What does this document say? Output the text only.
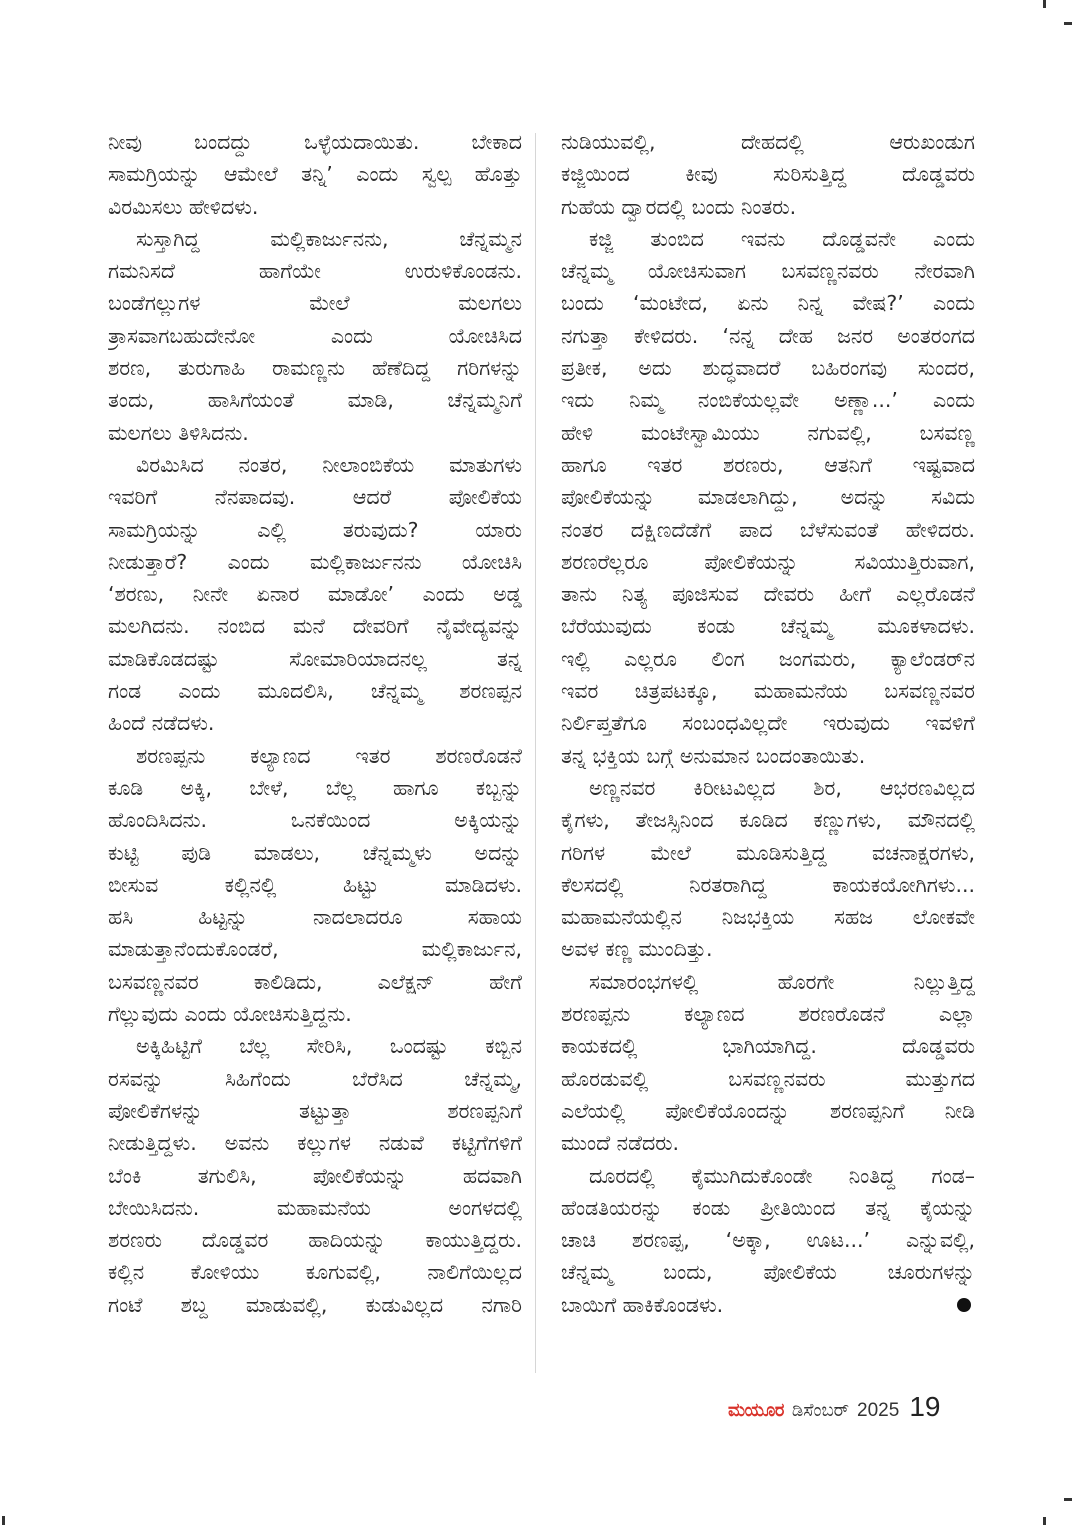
ನೀವು ಬಂದದ್ದು ಒಳ್ಳೆಯದಾಯಿತು. ಬೇಕಾದ
ಸಾಮಗ್ರಿಯನ್ನು ಆಮೇಲೆ ತನ್ನಿ’ ಎಂದು ಸ್ವಲ್ಪ ಹೊತ್ತು
ವಿರಮಿಸಲು ಹೇಳಿದಳು.
ಸುಸ್ತಾಗಿದ್ದ ಮಲ್ಲಿಕಾರ್ಜುನನು, ಚೆನ್ನಮ್ಮನ
ಗಮನಿಸದೆ ಹಾಗೆಯೇ ಉರುಳಿಕೊಂಡನು.
ಬಂಡೆಗಲ್ಲುಗಳ ಮೇಲೆ ಮಲಗಲು
ತ್ರಾಸವಾಗಬಹುದೇನೋ ಎಂದು ಯೋಚಿಸಿದ
ಶರಣ, ತುರುಗಾಹಿ ರಾಮಣ್ಣನು ಹೆಣೆದಿದ್ದ ಗರಿಗಳನ್ನು
ತಂದು, ಹಾಸಿಗೆಯಂತೆ ಮಾಡಿ, ಚೆನ್ನಮ್ಮನಿಗೆ
ಮಲಗಲು ತಿಳಿಸಿದನು.
ವಿರಮಿಸಿದ ನಂತರ, ನೀಲಾಂಬಿಕೆಯ ಮಾತುಗಳು
ಇವರಿಗೆ ನೆನಪಾದವು. ಆದರೆ ಪೋಲಿಕೆಯ
ಸಾಮಗ್ರಿಯನ್ನು ಎಲ್ಲಿ ತರುವುದು? ಯಾರು
ನೀಡುತ್ತಾರೆ? ಎಂದು ಮಲ್ಲಿಕಾರ್ಜುನನು ಯೋಚಿಸಿ
‘ಶರಣು, ನೀನೇ ಏನಾರ ಮಾಡೋ’ ಎಂದು ಅಡ್ಡ
ಮಲಗಿದನು. ನಂಬಿದ ಮನೆ ದೇವರಿಗೆ ನೈವೇದ್ಯವನ್ನು
ಮಾಡಿಕೊಡದಷ್ಟು ಸೋಮಾರಿಯಾದನಲ್ಲ ತನ್ನ
ಗಂಡ ಎಂದು ಮೂದಲಿಸಿ, ಚೆನ್ನಮ್ಮ ಶರಣಪ್ಪನ
ಹಿಂದೆ ನಡೆದಳು.
ಶರಣಪ್ಪನು ಕಲ್ಯಾಣದ ಇತರ ಶರಣರೊಡನೆ
ಕೂಡಿ ಅಕ್ಕಿ, ಬೇಳೆ, ಬೆಲ್ಲ ಹಾಗೂ ಕಬ್ಬನ್ನು
ಹೊಂದಿಸಿದನು. ಒನಕೆಯಿಂದ ಅಕ್ಕಿಯನ್ನು
ಕುಟ್ಟಿ ಪುಡಿ ಮಾಡಲು, ಚೆನ್ನಮ್ಮಳು ಅದನ್ನು
ಬೀಸುವ ಕಲ್ಲಿನಲ್ಲಿ ಹಿಟ್ಟು ಮಾಡಿದಳು.
ಹಸಿ ಹಿಟ್ಟನ್ನು ನಾದಲಾದರೂ ಸಹಾಯ
ಮಾಡುತ್ತಾನೆಂದುಕೊಂಡರೆ, ಮಲ್ಲಿಕಾರ್ಜುನ,
ಬಸವಣ್ಣನವರ ಕಾಲಿಡಿದು, ಎಲೆಕ್ಷನ್ ಹೇಗೆ
ಗೆಲ್ಲುವುದು ಎಂದು ಯೋಚಿಸುತ್ತಿದ್ದನು.
ಅಕ್ಕಿಹಿಟ್ಟಿಗೆ ಬೆಲ್ಲ ಸೇರಿಸಿ, ಒಂದಷ್ಟು ಕಬ್ಬಿನ
ರಸವನ್ನು ಸಿಹಿಗೆಂದು ಬೆರೆಸಿದ ಚೆನ್ನಮ್ಮ,
ಪೋಲಿಕೆಗಳನ್ನು ತಟ್ಟುತ್ತಾ ಶರಣಪ್ಪನಿಗೆ
ನೀಡುತ್ತಿದ್ದಳು. ಅವನು ಕಲ್ಲುಗಳ ನಡುವೆ ಕಟ್ಟಿಗೆಗಳಿಗೆ
ಬೆಂಕಿ ತಗುಲಿಸಿ, ಪೋಲಿಕೆಯನ್ನು ಹದವಾಗಿ
ಬೇಯಿಸಿದನು. ಮಹಾಮನೆಯ ಅಂಗಳದಲ್ಲಿ
ಶರಣರು ದೊಡ್ಡವರ ಹಾದಿಯನ್ನು ಕಾಯುತ್ತಿದ್ದರು.
ಕಲ್ಲಿನ ಕೋಳಿಯು ಕೂಗುವಲ್ಲಿ, ನಾಲಿಗೆಯಿಲ್ಲದ
ಗಂಟೆ ಶಬ್ದ ಮಾಡುವಲ್ಲಿ, ಕುಡುವಿಲ್ಲದ ನಗಾರಿ
ನುಡಿಯುವಲ್ಲಿ, ದೇಹದಲ್ಲಿ ಆರುಖಂಡುಗ
ಕಜ್ಜಿಯಿಂದ ಕೀವು ಸುರಿಸುತ್ತಿದ್ದ ದೊಡ್ಡವರು
ಗುಹೆಯ ದ್ವಾರದಲ್ಲಿ ಬಂದು ನಿಂತರು.
ಕಜ್ಜಿ ತುಂಬಿದ ಇವನು ದೊಡ್ಡವನೇ ಎಂದು
ಚೆನ್ನಮ್ಮ ಯೋಚಿಸುವಾಗ ಬಸವಣ್ಣನವರು ನೇರವಾಗಿ
ಬಂದು ‘ಮಂಟೇದ, ಏನು ನಿನ್ನ ವೇಷ?’ ಎಂದು
ನಗುತ್ತಾ ಕೇಳಿದರು. ‘ನನ್ನ ದೇಹ ಜನರ ಅಂತರಂಗದ
ಪ್ರತೀಕ, ಅದು ಶುದ್ಧವಾದರೆ ಬಹಿರಂಗವು ಸುಂದರ,
ಇದು ನಿಮ್ಮ ನಂಬಿಕೆಯಲ್ಲವೇ ಅಣ್ಣಾ...’ ಎಂದು
ಹೇಳಿ ಮಂಟೇಸ್ವಾಮಿಯು ನಗುವಲ್ಲಿ, ಬಸವಣ್ಣ
ಹಾಗೂ ಇತರ ಶರಣರು, ಆತನಿಗೆ ಇಷ್ಟವಾದ
ಪೋಲಿಕೆಯನ್ನು ಮಾಡಲಾಗಿದ್ದು, ಅದನ್ನು ಸವಿದು
ನಂತರ ದಕ್ಷಿಣದೆಡೆಗೆ ಪಾದ ಬೆಳೆಸುವಂತೆ ಹೇಳಿದರು.
ಶರಣರೆಲ್ಲರೂ ಪೋಲಿಕೆಯನ್ನು ಸವಿಯುತ್ತಿರುವಾಗ,
ತಾನು ನಿತ್ಯ ಪೂಜಿಸುವ ದೇವರು ಹೀಗೆ ಎಲ್ಲರೊಡನೆ
ಬೆರೆಯುವುದು ಕಂಡು ಚೆನ್ನಮ್ಮ ಮೂಕಳಾದಳು.
ಇಲ್ಲಿ ಎಲ್ಲರೂ ಲಿಂಗ ಜಂಗಮರು, ಕ್ಯಾಲೆಂಡರ್‌ನ
ಇವರ ಚಿತ್ರಪಟಕ್ಕೂ, ಮಹಾಮನೆಯ ಬಸವಣ್ಣನವರ
ನಿರ್ಲಿಪ್ತತೆಗೂ ಸಂಬಂಧವಿಲ್ಲದೇ ಇರುವುದು ಇವಳಿಗೆ
ತನ್ನ ಭಕ್ತಿಯ ಬಗ್ಗೆ ಅನುಮಾನ ಬಂದಂತಾಯಿತು.
ಅಣ್ಣನವರ ಕಿರೀಟವಿಲ್ಲದ ಶಿರ, ಆಭರಣವಿಲ್ಲದ
ಕೈಗಳು, ತೇಜಸ್ಸಿನಿಂದ ಕೂಡಿದ ಕಣ್ಣುಗಳು, ಮೌನದಲ್ಲಿ
ಗರಿಗಳ ಮೇಲೆ ಮೂಡಿಸುತ್ತಿದ್ದ ವಚನಾಕ್ಷರಗಳು,
ಕೆಲಸದಲ್ಲಿ ನಿರತರಾಗಿದ್ದ ಕಾಯಕಯೋಗಿಗಳು...
ಮಹಾಮನೆಯಲ್ಲಿನ ನಿಜಭಕ್ತಿಯ ಸಹಜ ಲೋಕವೇ
ಅವಳ ಕಣ್ಣ ಮುಂದಿತ್ತು.
ಸಮಾರಂಭಗಳಲ್ಲಿ ಹೊರಗೇ ನಿಲ್ಲುತ್ತಿದ್ದ
ಶರಣಪ್ಪನು ಕಲ್ಯಾಣದ ಶರಣರೊಡನೆ ಎಲ್ಲಾ
ಕಾಯಕದಲ್ಲಿ ಭಾಗಿಯಾಗಿದ್ದ. ದೊಡ್ಡವರು
ಹೊರಡುವಲ್ಲಿ ಬಸವಣ್ಣನವರು ಮುತ್ತುಗದ
ಎಲೆಯಲ್ಲಿ ಪೋಲಿಕೆಯೊಂದನ್ನು ಶರಣಪ್ಪನಿಗೆ ನೀಡಿ
ಮುಂದೆ ನಡೆದರು.
ದೂರದಲ್ಲಿ ಕೈಮುಗಿದುಕೊಂಡೇ ನಿಂತಿದ್ದ ಗಂಡ–
ಹೆಂಡತಿಯರನ್ನು ಕಂಡು ಪ್ರೀತಿಯಿಂದ ತನ್ನ ಕೈಯನ್ನು
ಚಾಚಿ ಶರಣಪ್ಪ, ‘ಅಕ್ಕಾ, ಊಟ...’ ಎನ್ನುವಲ್ಲಿ,
ಚೆನ್ನಮ್ಮ ಬಂದು, ಪೋಲಿಕೆಯ ಚೂರುಗಳನ್ನು
ಬಾಯಿಗೆ ಹಾಕಿಕೊಂಡಳು.
ಮಯೂರ ಡಿಸೆಂಬರ್ 2025 19
